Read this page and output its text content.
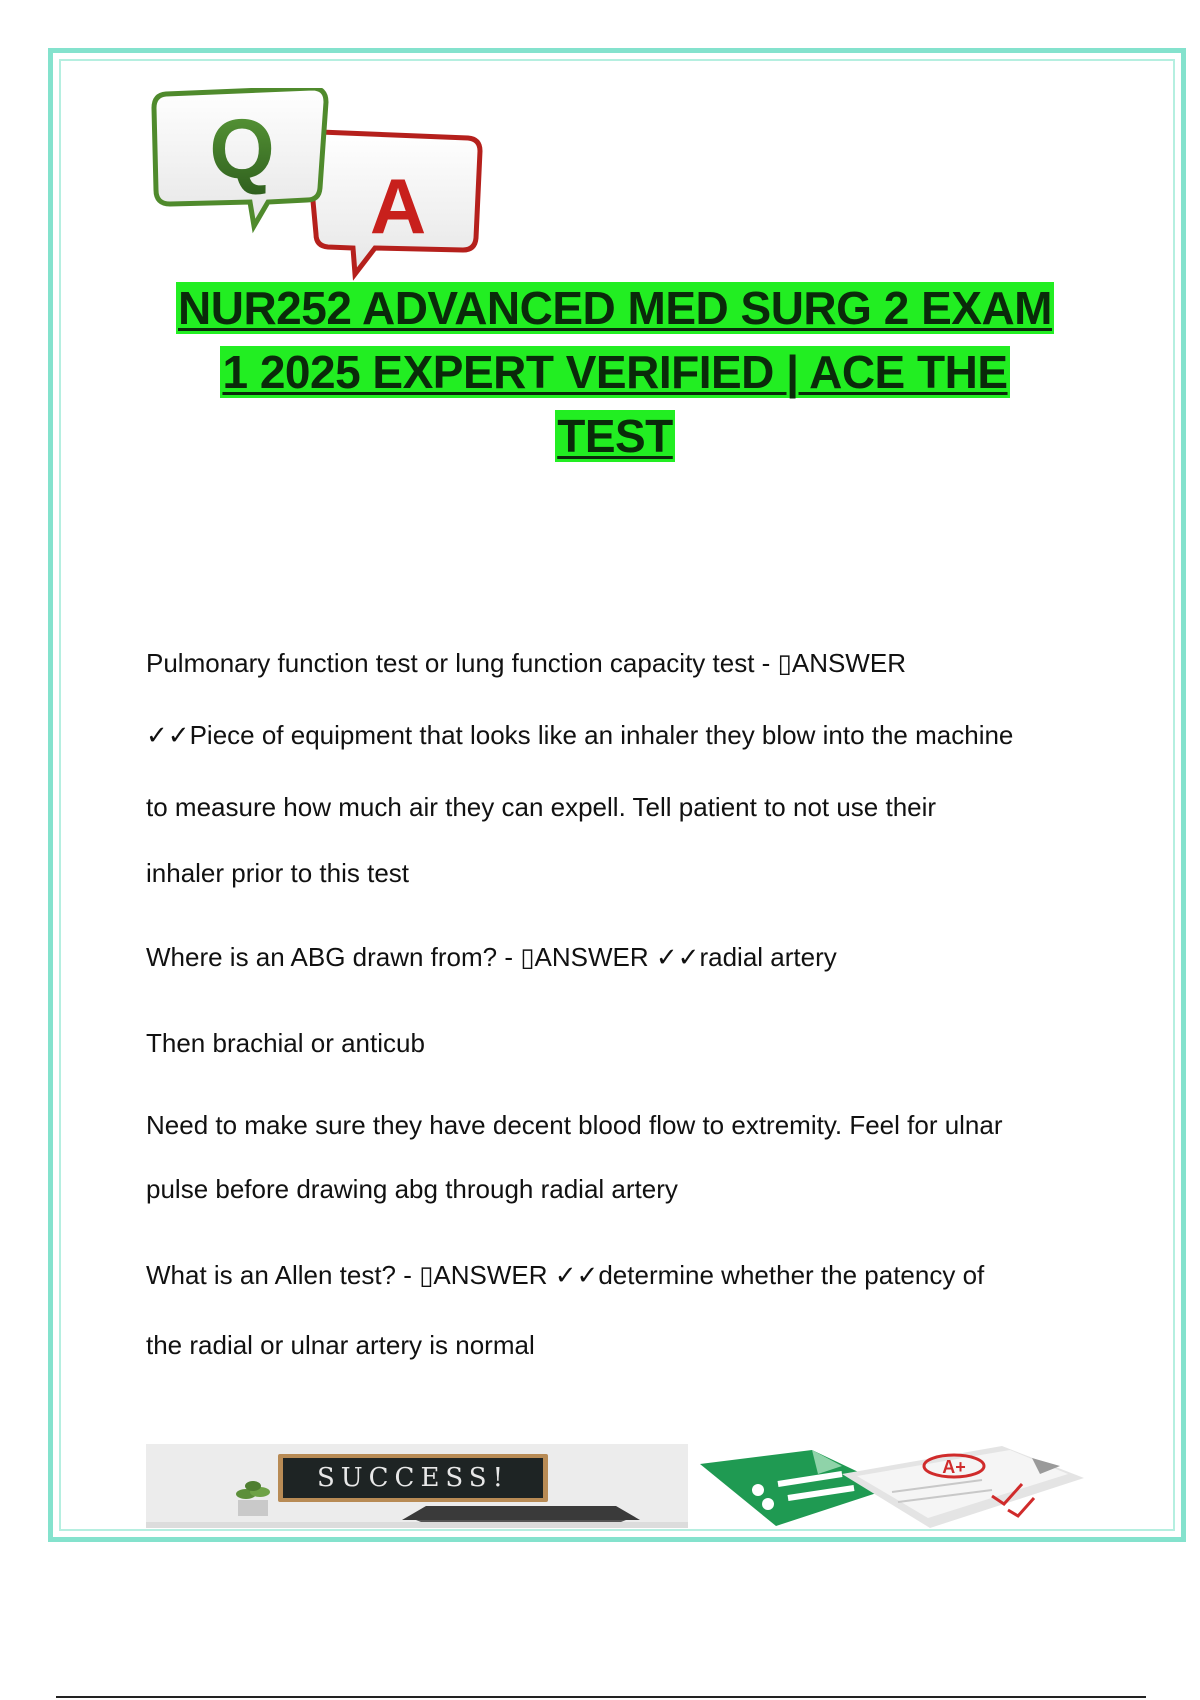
Q
A
NUR252 ADVANCED MED SURG 2 EXAM
1 2025 EXPERT VERIFIED | ACE THE
TEST
Pulmonary function test or lung function capacity test - ▯ANSWER
✓✓Piece of equipment that looks like an inhaler they blow into the machine
to measure how much air they can expell. Tell patient to not use their
inhaler prior to this test
Where is an ABG drawn from? - ▯ANSWER ✓✓radial artery
Then brachial or anticub
Need to make sure they have decent blood flow to extremity. Feel for ulnar
pulse before drawing abg through radial artery
What is an Allen test? - ▯ANSWER ✓✓determine whether the patency of
the radial or ulnar artery is normal
SUCCESS!	A+
